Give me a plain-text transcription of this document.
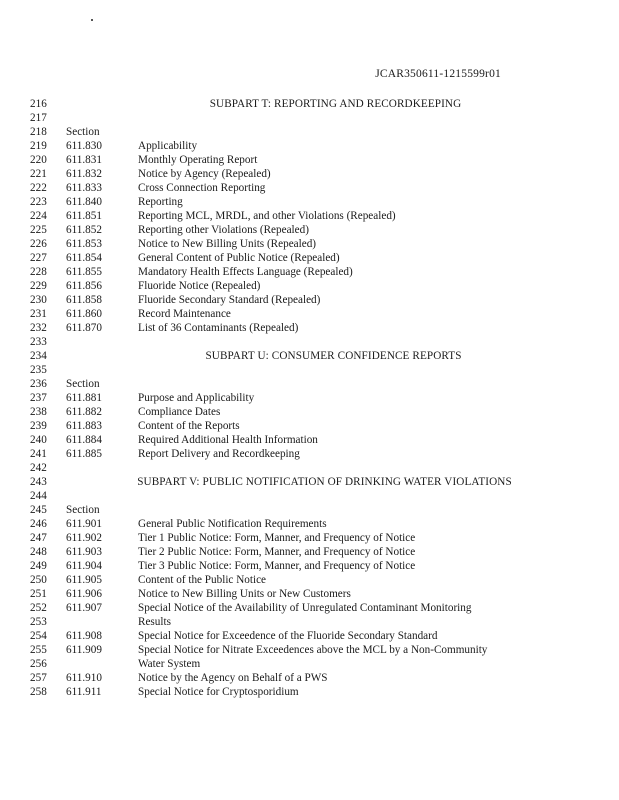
JCAR350611-1215599r01
216	SUBPART T: REPORTING AND RECORDKEEPING
217
218	Section
219	611.830	Applicability
220	611.831	Monthly Operating Report
221	611.832	Notice by Agency (Repealed)
222	611.833	Cross Connection Reporting
223	611.840	Reporting
224	611.851	Reporting MCL, MRDL, and other Violations (Repealed)
225	611.852	Reporting other Violations (Repealed)
226	611.853	Notice to New Billing Units (Repealed)
227	611.854	General Content of Public Notice (Repealed)
228	611.855	Mandatory Health Effects Language (Repealed)
229	611.856	Fluoride Notice (Repealed)
230	611.858	Fluoride Secondary Standard (Repealed)
231	611.860	Record Maintenance
232	611.870	List of 36 Contaminants (Repealed)
233
234	SUBPART U: CONSUMER CONFIDENCE REPORTS
235
236	Section
237	611.881	Purpose and Applicability
238	611.882	Compliance Dates
239	611.883	Content of the Reports
240	611.884	Required Additional Health Information
241	611.885	Report Delivery and Recordkeeping
242
243	SUBPART V: PUBLIC NOTIFICATION OF DRINKING WATER VIOLATIONS
244
245	Section
246	611.901	General Public Notification Requirements
247	611.902	Tier 1 Public Notice: Form, Manner, and Frequency of Notice
248	611.903	Tier 2 Public Notice: Form, Manner, and Frequency of Notice
249	611.904	Tier 3 Public Notice: Form, Manner, and Frequency of Notice
250	611.905	Content of the Public Notice
251	611.906	Notice to New Billing Units or New Customers
252	611.907	Special Notice of the Availability of Unregulated Contaminant Monitoring
253	Results
254	611.908	Special Notice for Exceedence of the Fluoride Secondary Standard
255	611.909	Special Notice for Nitrate Exceedences above the MCL by a Non-Community
256	Water System
257	611.910	Notice by the Agency on Behalf of a PWS
258	611.911	Special Notice for Cryptosporidium
